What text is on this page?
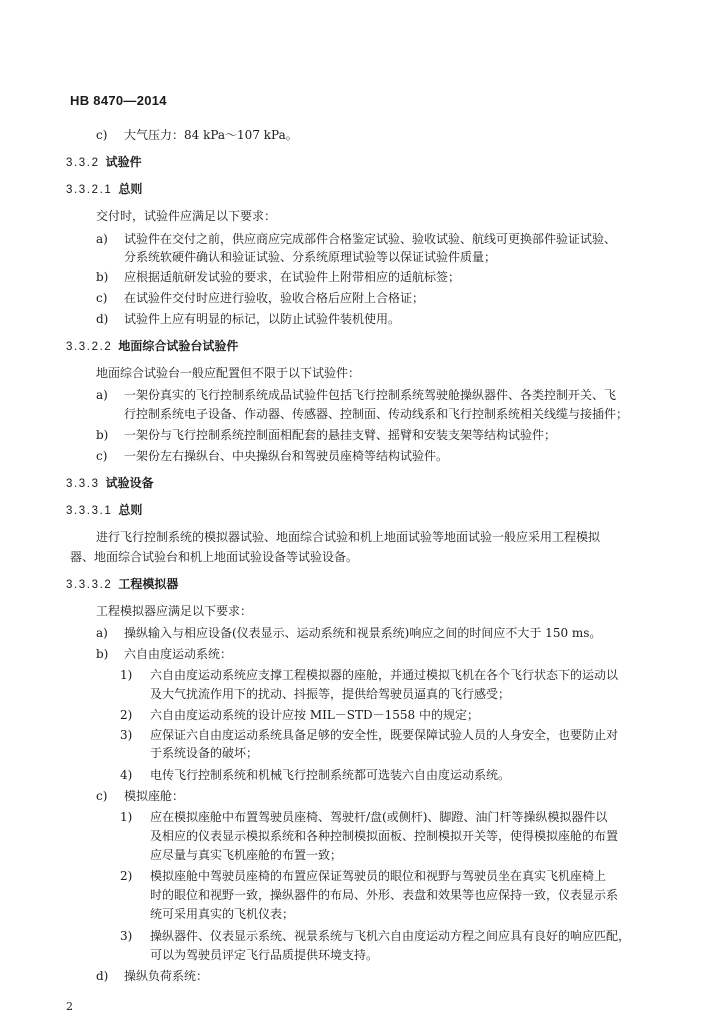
HB 8470—2014
c) 大气压力：84 kPa～107 kPa。
3.3.2 试验件
3.3.2.1 总则
交付时，试验件应满足以下要求：
a) 试验件在交付之前，供应商应完成部件合格鉴定试验、验收试验、航线可更换部件验证试验、
分系统软硬件确认和验证试验、分系统原理试验等以保证试验件质量；
b) 应根据适航研发试验的要求，在试验件上附带相应的适航标签；
c) 在试验件交付时应进行验收，验收合格后应附上合格证；
d) 试验件上应有明显的标记，以防止试验件装机使用。
3.3.2.2 地面综合试验台试验件
地面综合试验台一般应配置但不限于以下试验件：
a) 一架份真实的飞行控制系统成品试验件包括飞行控制系统驾驶舱操纵器件、各类控制开关、飞
行控制系统电子设备、作动器、传感器、控制面、传动线系和飞行控制系统相关线缆与接插件；
b) 一架份与飞行控制系统控制面相配套的悬挂支臂、摇臂和安装支架等结构试验件；
c) 一架份左右操纵台、中央操纵台和驾驶员座椅等结构试验件。
3.3.3 试验设备
3.3.3.1 总则
进行飞行控制系统的模拟器试验、地面综合试验和机上地面试验等地面试验一般应采用工程模拟
器、地面综合试验台和机上地面试验设备等试验设备。
3.3.3.2 工程模拟器
工程模拟器应满足以下要求：
a) 操纵输入与相应设备(仪表显示、运动系统和视景系统)响应之间的时间应不大于 150 ms。
b) 六自由度运动系统：
1) 六自由度运动系统应支撑工程模拟器的座舱，并通过模拟飞机在各个飞行状态下的运动以
及大气扰流作用下的扰动、抖振等，提供给驾驶员逼真的飞行感受；
2) 六自由度运动系统的设计应按 MIL－STD－1558 中的规定；
3) 应保证六自由度运动系统具备足够的安全性，既要保障试验人员的人身安全，也要防止对
于系统设备的破坏；
4) 电传飞行控制系统和机械飞行控制系统都可选装六自由度运动系统。
c) 模拟座舱：
1) 应在模拟座舱中布置驾驶员座椅、驾驶杆/盘(或侧杆)、脚蹬、油门杆等操纵模拟器件以
及相应的仪表显示模拟系统和各种控制模拟面板、控制模拟开关等，使得模拟座舱的布置
应尽量与真实飞机座舱的布置一致；
2) 模拟座舱中驾驶员座椅的布置应保证驾驶员的眼位和视野与驾驶员坐在真实飞机座椅上
时的眼位和视野一致，操纵器件的布局、外形、表盘和效果等也应保持一致，仪表显示系
统可采用真实的飞机仪表；
3) 操纵器件、仪表显示系统、视景系统与飞机六自由度运动方程之间应具有良好的响应匹配，
可以为驾驶员评定飞行品质提供环境支持。
d) 操纵负荷系统：
2
